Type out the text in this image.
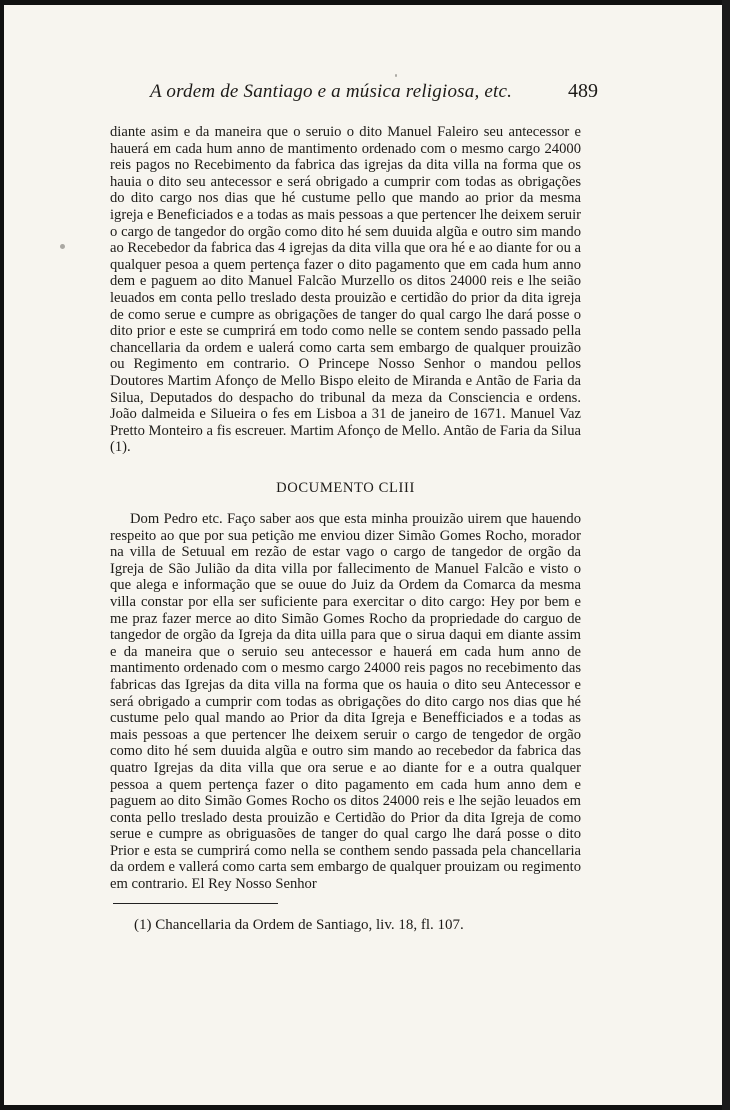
A ordem de Santiago e a música religiosa, etc.	489

diante asim e da maneira que o seruio o dito Manuel Faleiro seu antecessor e hauerá em cada hum anno de mantimento ordenado com o mesmo cargo 24000 reis pagos no Recebimento da fabrica das igrejas da dita villa na forma que os hauia o dito seu antecessor e será obrigado a cumprir com todas as obrigações do dito cargo nos dias que hé custume pello que mando ao prior da mesma igreja e Beneficiados e a todas as mais pessoas a que pertencer lhe deixem seruir o cargo de tangedor do orgão como dito hé sem duuida algũa e outro sim mando ao Recebedor da fabrica das 4 igrejas da dita villa que ora hé e ao diante for ou a qualquer pesoa a quem pertença fazer o dito pagamento que em cada hum anno dem e paguem ao dito Manuel Falcão Murzello os ditos 24000 reis e lhe seião leuados em conta pello treslado desta prouizão e certidão do prior da dita igreja de como serue e cumpre as obrigações de tanger do qual cargo lhe dará posse o dito prior e este se cumprirá em todo como nelle se contem sendo passado pella chancellaria da ordem e ualerá como carta sem embargo de qualquer prouizão ou Regimento em contrario. O Princepe Nosso Senhor o mandou pellos Doutores Martim Afonço de Mello Bispo eleito de Miranda e Antão de Faria da Silua, Deputados do despacho do tribunal da meza da Consciencia e ordens. João dalmeida e Silueira o fes em Lisboa a 31 de janeiro de 1671. Manuel Vaz Pretto Monteiro a fis escreuer. Martim Afonço de Mello. Antão de Faria da Silua (1).

DOCUMENTO CLIII

Dom Pedro etc. Faço saber aos que esta minha prouizão uirem que hauendo respeito ao que por sua petição me enviou dizer Simão Gomes Rocho, morador na villa de Setuual em rezão de estar vago o cargo de tangedor de orgão da Igreja de São Julião da dita villa por fallecimento de Manuel Falcão e visto o que alega e informação que se ouue do Juiz da Ordem da Comarca da mesma villa constar por ella ser suficiente para exercitar o dito cargo: Hey por bem e me praz fazer merce ao dito Simão Gomes Rocho da propriedade do carguo de tangedor de orgão da Igreja da dita uilla para que o sirua daqui em diante assim e da maneira que o seruio seu antecessor e hauerá em cada hum anno de mantimento ordenado com o mesmo cargo 24000 reis pagos no recebimento das fabricas das Igrejas da dita villa na forma que os hauia o dito seu Antecessor e será obrigado a cumprir com todas as obrigações do dito cargo nos dias que hé custume pelo qual mando ao Prior da dita Igreja e Benefficiados e a todas as mais pessoas a que pertencer lhe deixem seruir o cargo de tengedor de orgão como dito hé sem duuida algũa e outro sim mando ao recebedor da fabrica das quatro Igrejas da dita villa que ora serue e ao diante for e a outra qualquer pessoa a quem pertença fazer o dito pagamento em cada hum anno dem e paguem ao dito Simão Gomes Rocho os ditos 24000 reis e lhe sejão leuados em conta pello treslado desta prouizão e Certidão do Prior da dita Igreja de como serue e cumpre as obriguasões de tanger do qual cargo lhe dará posse o dito Prior e esta se cumprirá como nella se conthem sendo passada pela chancellaria da ordem e vallerá como carta sem embargo de qualquer prouizam ou regimento em contrario. El Rey Nosso Senhor

(1) Chancellaria da Ordem de Santiago, liv. 18, fl. 107.
